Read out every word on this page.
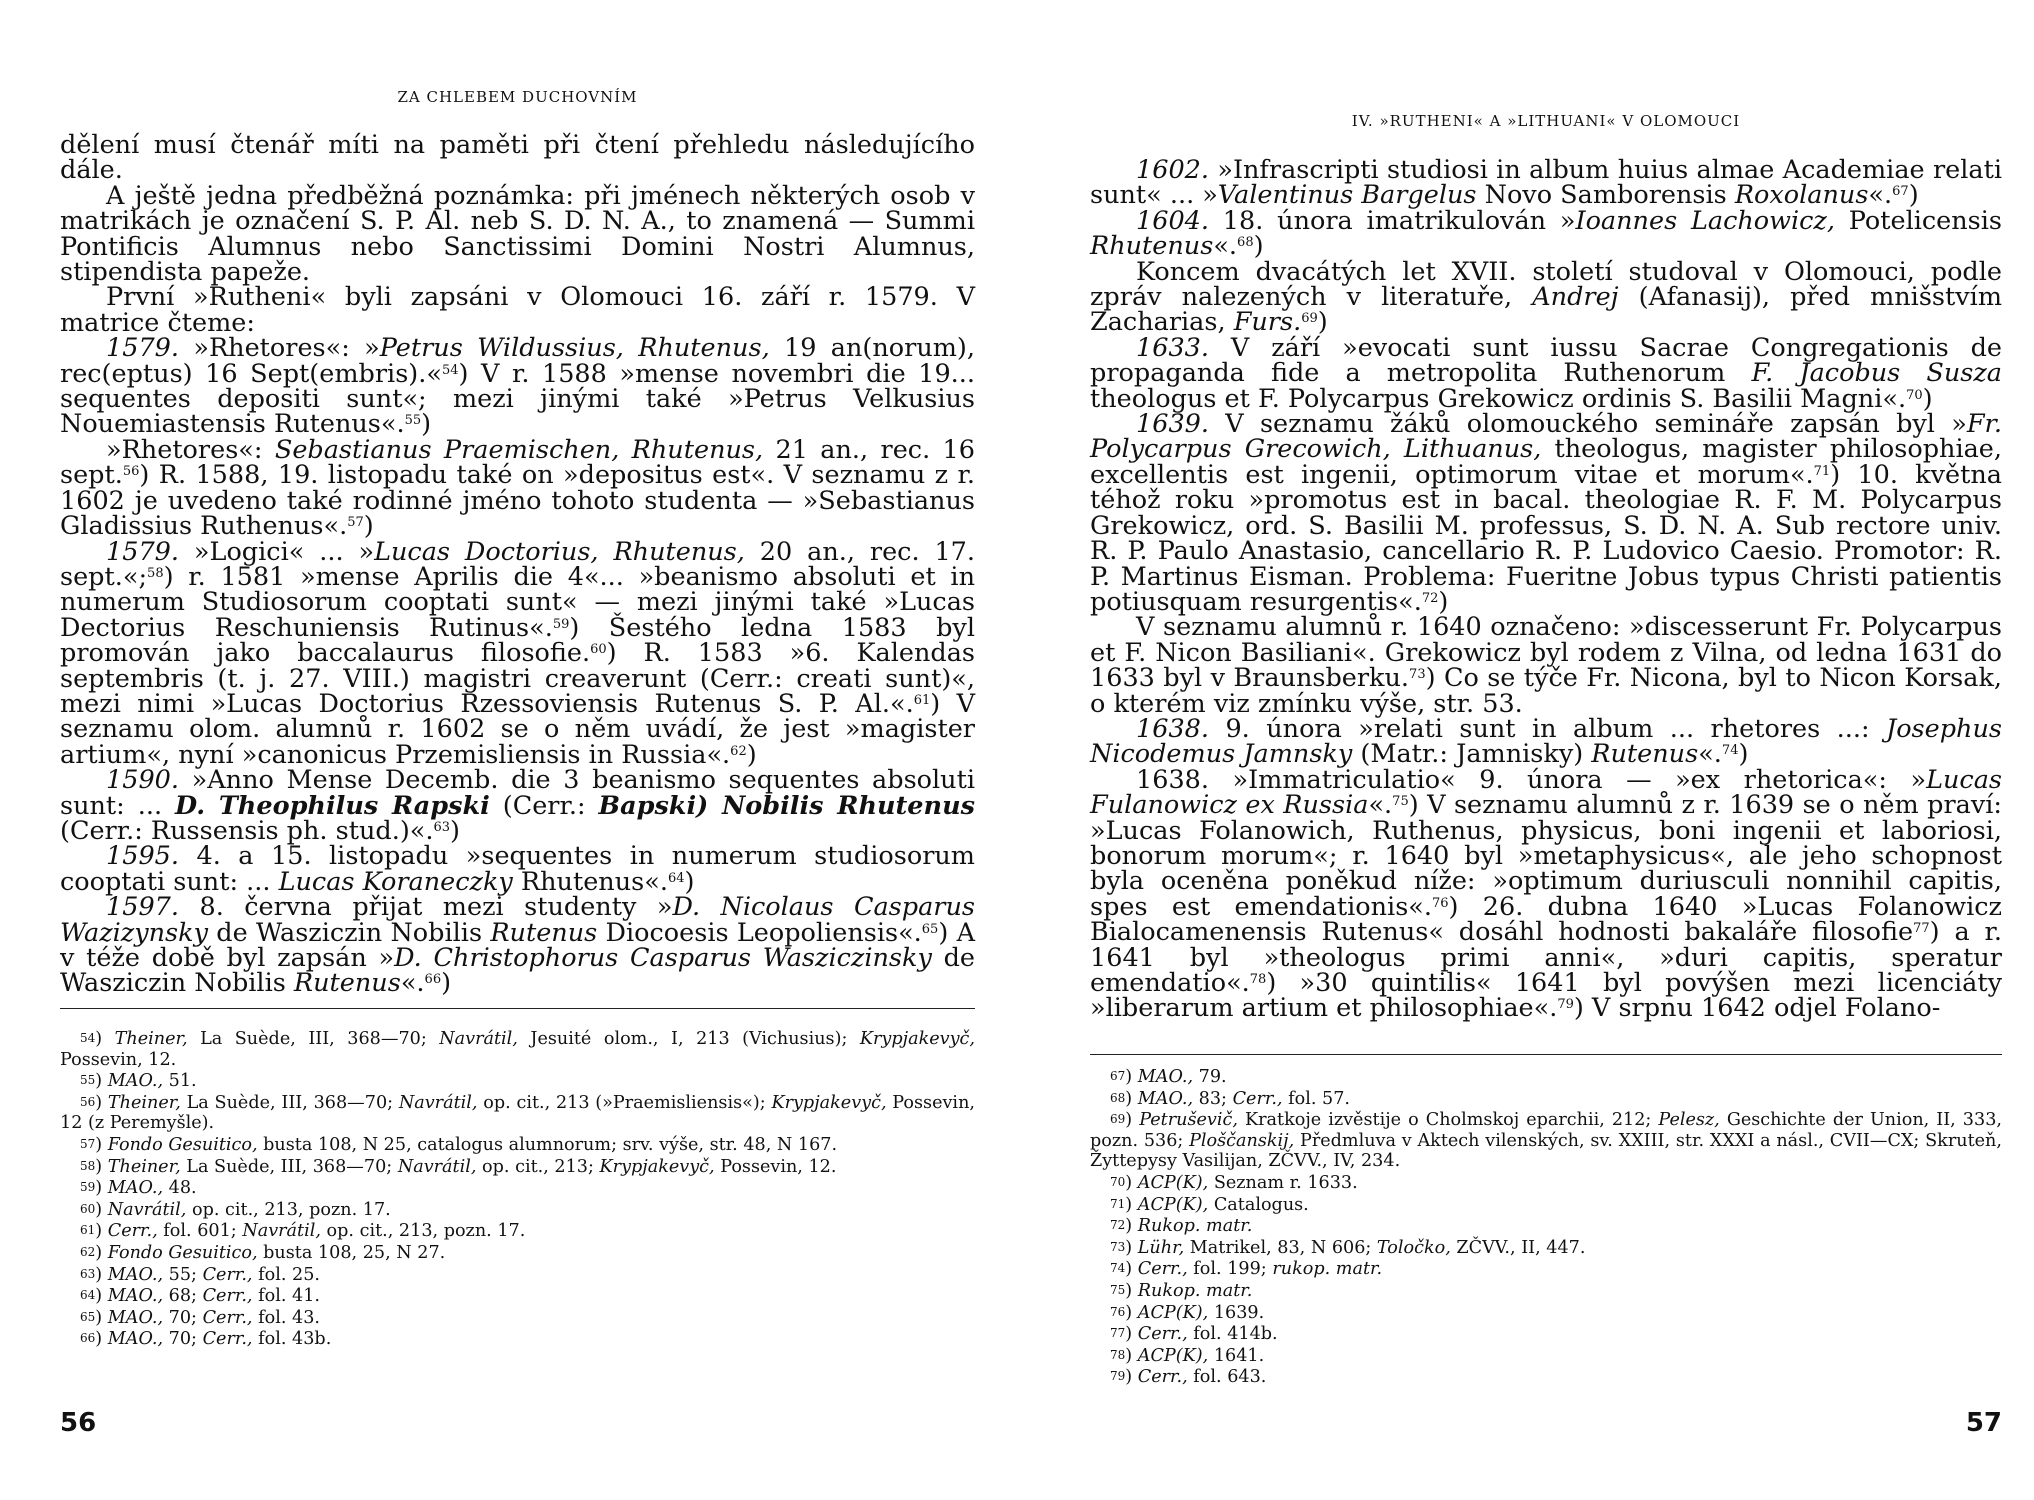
ZA CHLEBEM DUCHOVNÍM

dělení musí čtenář míti na paměti při čtení přehledu následujícího dále.

A ještě jedna předběžná poznámka: při jménech některých osob v matrikách je označení S. P. Al. neb S. D. N. A., to znamená — Summi Pontificis Alumnus nebo Sanctissimi Domini Nostri Alumnus, stipendista papeže.

První »Rutheni« byli zapsáni v Olomouci 16. září r. 1579. V matrice čteme:

1579. »Rhetores«: »Petrus Wildussius, Rhutenus, 19 an(norum), rec(eptus) 16 Sept(embris).«$^{54}$) V r. 1588 »mense novembri die 19... sequentes depositi sunt«; mezi jinými také »Petrus Velkusius Nouemiastensis Rutenus«.$^{55}$)

»Rhetores«: Sebastianus Praemischen, Rhutenus, 21 an., rec. 16 sept.$^{56}$) R. 1588, 19. listopadu také on »depositus est«. V seznamu z r. 1602 je uvedeno také rodinné jméno tohoto studenta — »Sebastianus Gladissius Ruthenus«.$^{57}$)

1579. »Logici« ... »Lucas Doctorius, Rhutenus, 20 an., rec. 17. sept.«;$^{58}$) r. 1581 »mense Aprilis die 4«... »beanismo absoluti et in numerum Studiosorum cooptati sunt« — mezi jinými také »Lucas Dectorius Reschuniensis Rutinus«.$^{59}$) Šestého ledna 1583 byl promován jako baccalaurus filosofie.$^{60}$) R. 1583 »6. Kalendas septembris (t. j. 27. VIII.) magistri creaverunt (Cerr.: creati sunt)«, mezi nimi »Lucas Doctorius Rzessoviensis Rutenus S. P. Al.«.$^{61}$) V seznamu olom. alumnů r. 1602 se o něm uvádí, že jest »magister artium«, nyní »canonicus Przemisliensis in Russia«.$^{62}$)

1590. »Anno Mense Decemb. die 3 beanismo sequentes absoluti sunt: ... D. Theophilus Rapski (Cerr.: Bapski) Nobilis Rhutenus (Cerr.: Russensis ph. stud.)«.$^{63}$)

1595. 4. a 15. listopadu »sequentes in numerum studiosorum cooptati sunt: ... Lucas Koraneczky Rhutenus«.$^{64}$)

1597. 8. června přijat mezi studenty »D. Nicolaus Casparus Wazizynsky de Wasziczin Nobilis Rutenus Diocoesis Leopoliensis«.$^{65}$) A v téže době byl zapsán »D. Christophorus Casparus Wasziczinsky de Wasziczin Nobilis Rutenus«.$^{66}$)

54) Theiner, La Suède, III, 368—70; Navrátil, Jesuité olom., I, 213 (Vichusius); Krypjakevyč, Possevin, 12.

55) MAO., 51.

56) Theiner, La Suède, III, 368—70; Navrátil, op. cit., 213 (»Praemisliensis«); Krypjakevyč, Possevin, 12 (z Peremyšle).

57) Fondo Gesuitico, busta 108, N 25, catalogus alumnorum; srv. výše, str. 48, N 167.

58) Theiner, La Suède, III, 368—70; Navrátil, op. cit., 213; Krypjakevyč, Possevin, 12.

59) MAO., 48.

60) Navrátil, op. cit., 213, pozn. 17.

61) Cerr., fol. 601; Navrátil, op. cit., 213, pozn. 17.

62) Fondo Gesuitico, busta 108, 25, N 27.

63) MAO., 55; Cerr., fol. 25.

64) MAO., 68; Cerr., fol. 41.

65) MAO., 70; Cerr., fol. 43.

66) MAO., 70; Cerr., fol. 43b.

56
IV. »RUTHENI« A »LITHUANI« V OLOMOUCI

1602. »Infrascripti studiosi in album huius almae Academiae relati sunt« ... »Valentinus Bargelus Novo Samborensis Roxolanus«.$^{67}$)

1604. 18. února imatrikulován »Ioannes Lachowicz, Potelicensis Rhutenus«.$^{68}$)

Koncem dvacátých let XVII. století studoval v Olomouci, podle zpráv nalezených v literatuře, Andrej (Afanasij), před mnišstvím Zacharias, Furs.$^{69}$)

1633. V září »evocati sunt iussu Sacrae Congregationis de propaganda fide a metropolita Ruthenorum F. Jacobus Susza theologus et F. Polycarpus Grekowicz ordinis S. Basilii Magni«.$^{70}$)

1639. V seznamu žáků olomouckého semináře zapsán byl »Fr. Polycarpus Grecowich, Lithuanus, theologus, magister philosophiae, excellentis est ingenii, optimorum vitae et morum«.$^{71}$) 10. května téhož roku »promotus est in bacal. theologiae R. F. M. Polycarpus Grekowicz, ord. S. Basilii M. professus, S. D. N. A. Sub rectore univ. R. P. Paulo Anastasio, cancellario R. P. Ludovico Caesio. Promotor: R. P. Martinus Eisman. Problema: Fueritne Jobus typus Christi patientis potiusquam resurgentis«.$^{72}$)

V seznamu alumnů r. 1640 označeno: »discesserunt Fr. Polycarpus et F. Nicon Basiliani«. Grekowicz byl rodem z Vilna, od ledna 1631 do 1633 byl v Braunsberku.$^{73}$) Co se týče Fr. Nicona, byl to Nicon Korsak, o kterém viz zmínku výše, str. 53.

1638. 9. února »relati sunt in album ... rhetores ...: Josephus Nicodemus Jamnsky (Matr.: Jamnisky) Rutenus«.$^{74}$)

1638. »Immatriculatio« 9. února — »ex rhetorica«: »Lucas Fulanowicz ex Russia«.$^{75}$) V seznamu alumnů z r. 1639 se o něm praví: »Lucas Folanowich, Ruthenus, physicus, boni ingenii et laboriosi, bonorum morum«; r. 1640 byl »metaphysicus«, ale jeho schopnost byla oceněna poněkud níže: »optimum duriusculi nonnihil capitis, spes est emendationis«.$^{76}$) 26. dubna 1640 »Lucas Folanowicz Bialocamenensis Rutenus« dosáhl hodnosti bakaláře filosofie$^{77}$) a r. 1641 byl »theologus primi anni«, »duri capitis, speratur emendatio«.$^{78}$) »30 quintilis« 1641 byl povýšen mezi licenciáty »liberarum artium et philosophiae«.$^{79}$) V srpnu 1642 odjel Folano-

67) MAO., 79.

68) MAO., 83; Cerr., fol. 57.

69) Petruševič, Kratkoje izvěstije o Cholmskoj eparchii, 212; Pelesz, Geschichte der Union, II, 333, pozn. 536; Ploščanskij, Předmluva v Aktech vilenských, sv. XXIII, str. XXXI a násl., CVII—CX; Skruteň, Žyttepysy Vasilijan, ZČVV., IV, 234.

70) ACP(K), Seznam r. 1633.

71) ACP(K), Catalogus.

72) Rukop. matr.

73) Lühr, Matrikel, 83, N 606; Toločko, ZČVV., II, 447.

74) Cerr., fol. 199; rukop. matr.

75) Rukop. matr.

76) ACP(K), 1639.

77) Cerr., fol. 414b.

78) ACP(K), 1641.

79) Cerr., fol. 643.

57
